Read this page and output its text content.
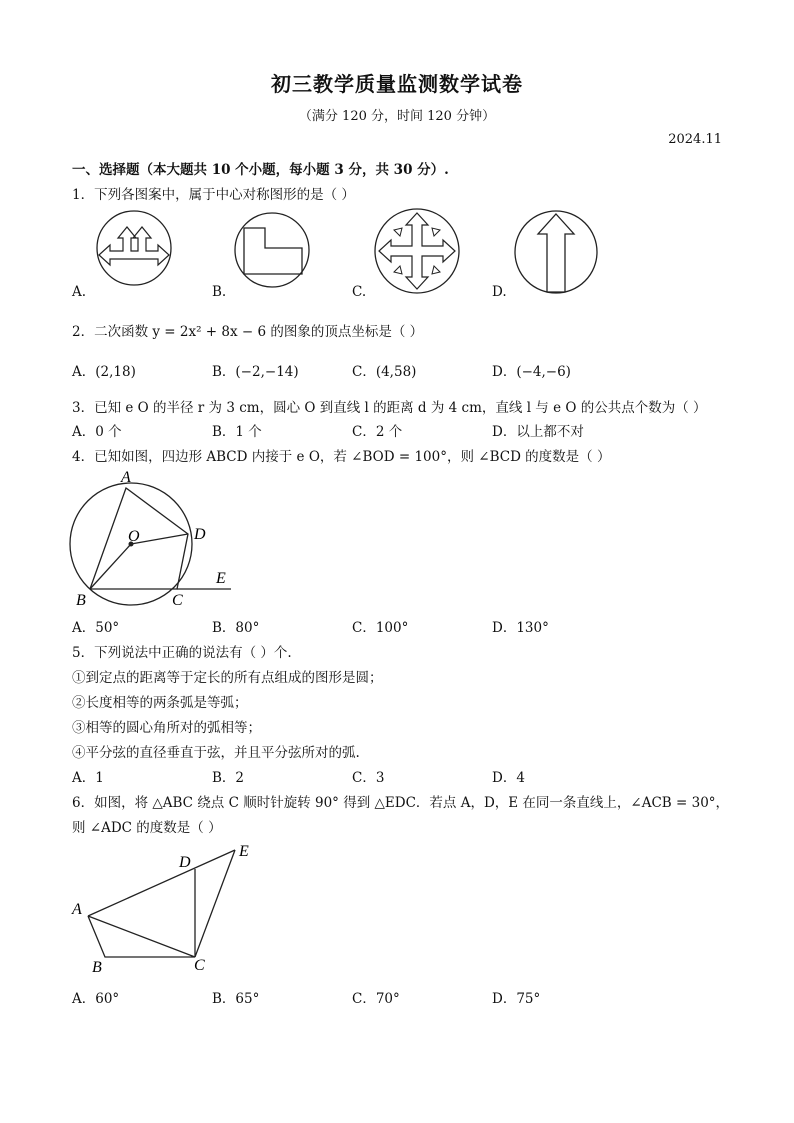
初三教学质量监测数学试卷
（满分 120 分，时间 120 分钟）
2024.11
一、选择题（本大题共 10 个小题，每小题 3 分，共 30 分）.
1．下列各图案中，属于中心对称图形的是（ ）
A.	B.	C.	D.
2．二次函数 y = 2x² + 8x − 6 的图象的顶点坐标是（ ）
A．(2,18)	B．(−2,−14)	C．(4,58)	D．(−4,−6)
3．已知 e O 的半径 r 为 3 cm，圆心 O 到直线 l 的距离 d 为 4 cm，直线 l 与 e O 的公共点个数为（ ）
A．0 个	B．1 个	C．2 个	D．以上都不对
4．已知如图，四边形 ABCD 内接于 e O，若 ∠BOD = 100°，则 ∠BCD 的度数是（ ）
A
O	D
E
B	C
A．50°	B．80°	C．100°	D．130°
5．下列说法中正确的说法有（ ）个.
①到定点的距离等于定长的所有点组成的图形是圆；
②长度相等的两条弧是等弧；
③相等的圆心角所对的弧相等；
④平分弦的直径垂直于弦，并且平分弦所对的弧.
A．1	B．2	C．3	D．4
6．如图，将 △ABC 绕点 C 顺时针旋转 90° 得到 △EDC．若点 A，D，E 在同一条直线上，∠ACB = 30°，
则 ∠ADC 的度数是（ ）
D
E
A
B	C
A．60°	B．65°	C．70°	D．75°
